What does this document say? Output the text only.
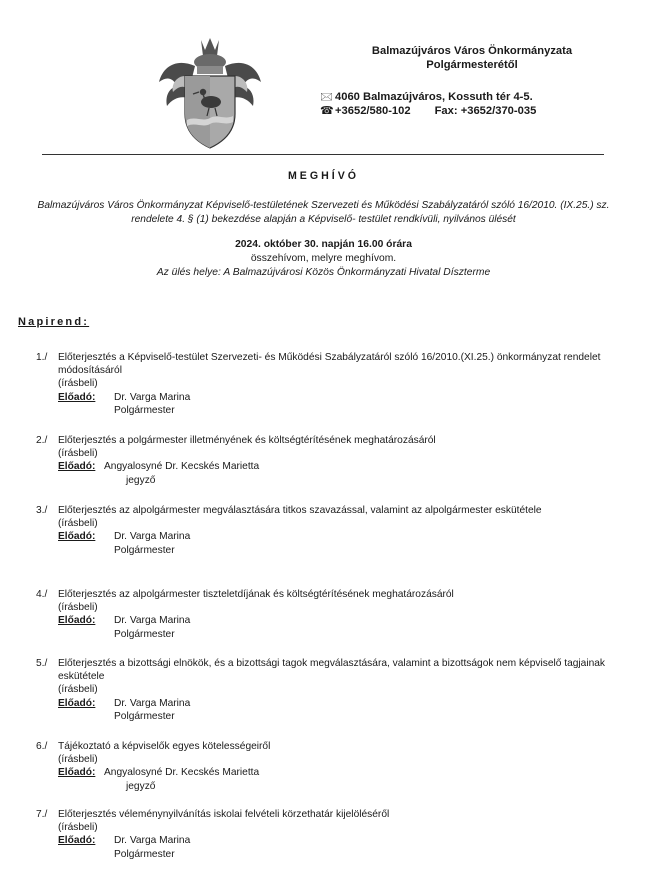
Balmazújváros Város Önkormányzata
Polgármesterétől
🖂 4060 Balmazújváros, Kossuth tér 4-5.
☎+3652/580-102 Fax: +3652/370-035
MEGHÍVÓ
Balmazújváros Város Önkormányzat Képviselő-testületének Szervezeti és Működési Szabályzatáról szóló 16/2010. (IX.25.) sz. rendelete 4. § (1) bekezdése alapján a Képviselő- testület rendkívüli, nyilvános ülését
2024. október 30. napján 16.00 órára
összehívom, melyre meghívom.
Az ülés helye: A Balmazújvárosi Közös Önkormányzati Hivatal Díszterme
Napirend:
1./	Előterjesztés a Képviselő-testület Szervezeti- és Működési Szabályzatáról szóló 16/2010.(XI.25.) önkormányzat rendelet módosításáról
(írásbeli)
Előadó:	Dr. Varga Marina
Polgármester
2./	Előterjesztés a polgármester illetményének és költségtérítésének meghatározásáról
(írásbeli)
Előadó: Angyalosyné Dr. Kecskés Marietta
jegyző
3./	Előterjesztés az alpolgármester megválasztására titkos szavazással, valamint az alpolgármester eskütétele
(írásbeli)
Előadó:	Dr. Varga Marina
Polgármester
4./	Előterjesztés az alpolgármester tiszteletdíjának és költségtérítésének meghatározásáról
(írásbeli)
Előadó:	Dr. Varga Marina
Polgármester
5./	Előterjesztés a bizottsági elnökök, és a bizottsági tagok megválasztására, valamint a bizottságok nem képviselő tagjainak eskütétele
(írásbeli)
Előadó:	Dr. Varga Marina
Polgármester
6./	Tájékoztató a képviselők egyes kötelességeiről
(írásbeli)
Előadó: Angyalosyné Dr. Kecskés Marietta
jegyző
7./	Előterjesztés véleménynyilvánítás iskolai felvételi körzethatár kijelöléséről
(írásbeli)
Előadó:	Dr. Varga Marina
Polgármester
